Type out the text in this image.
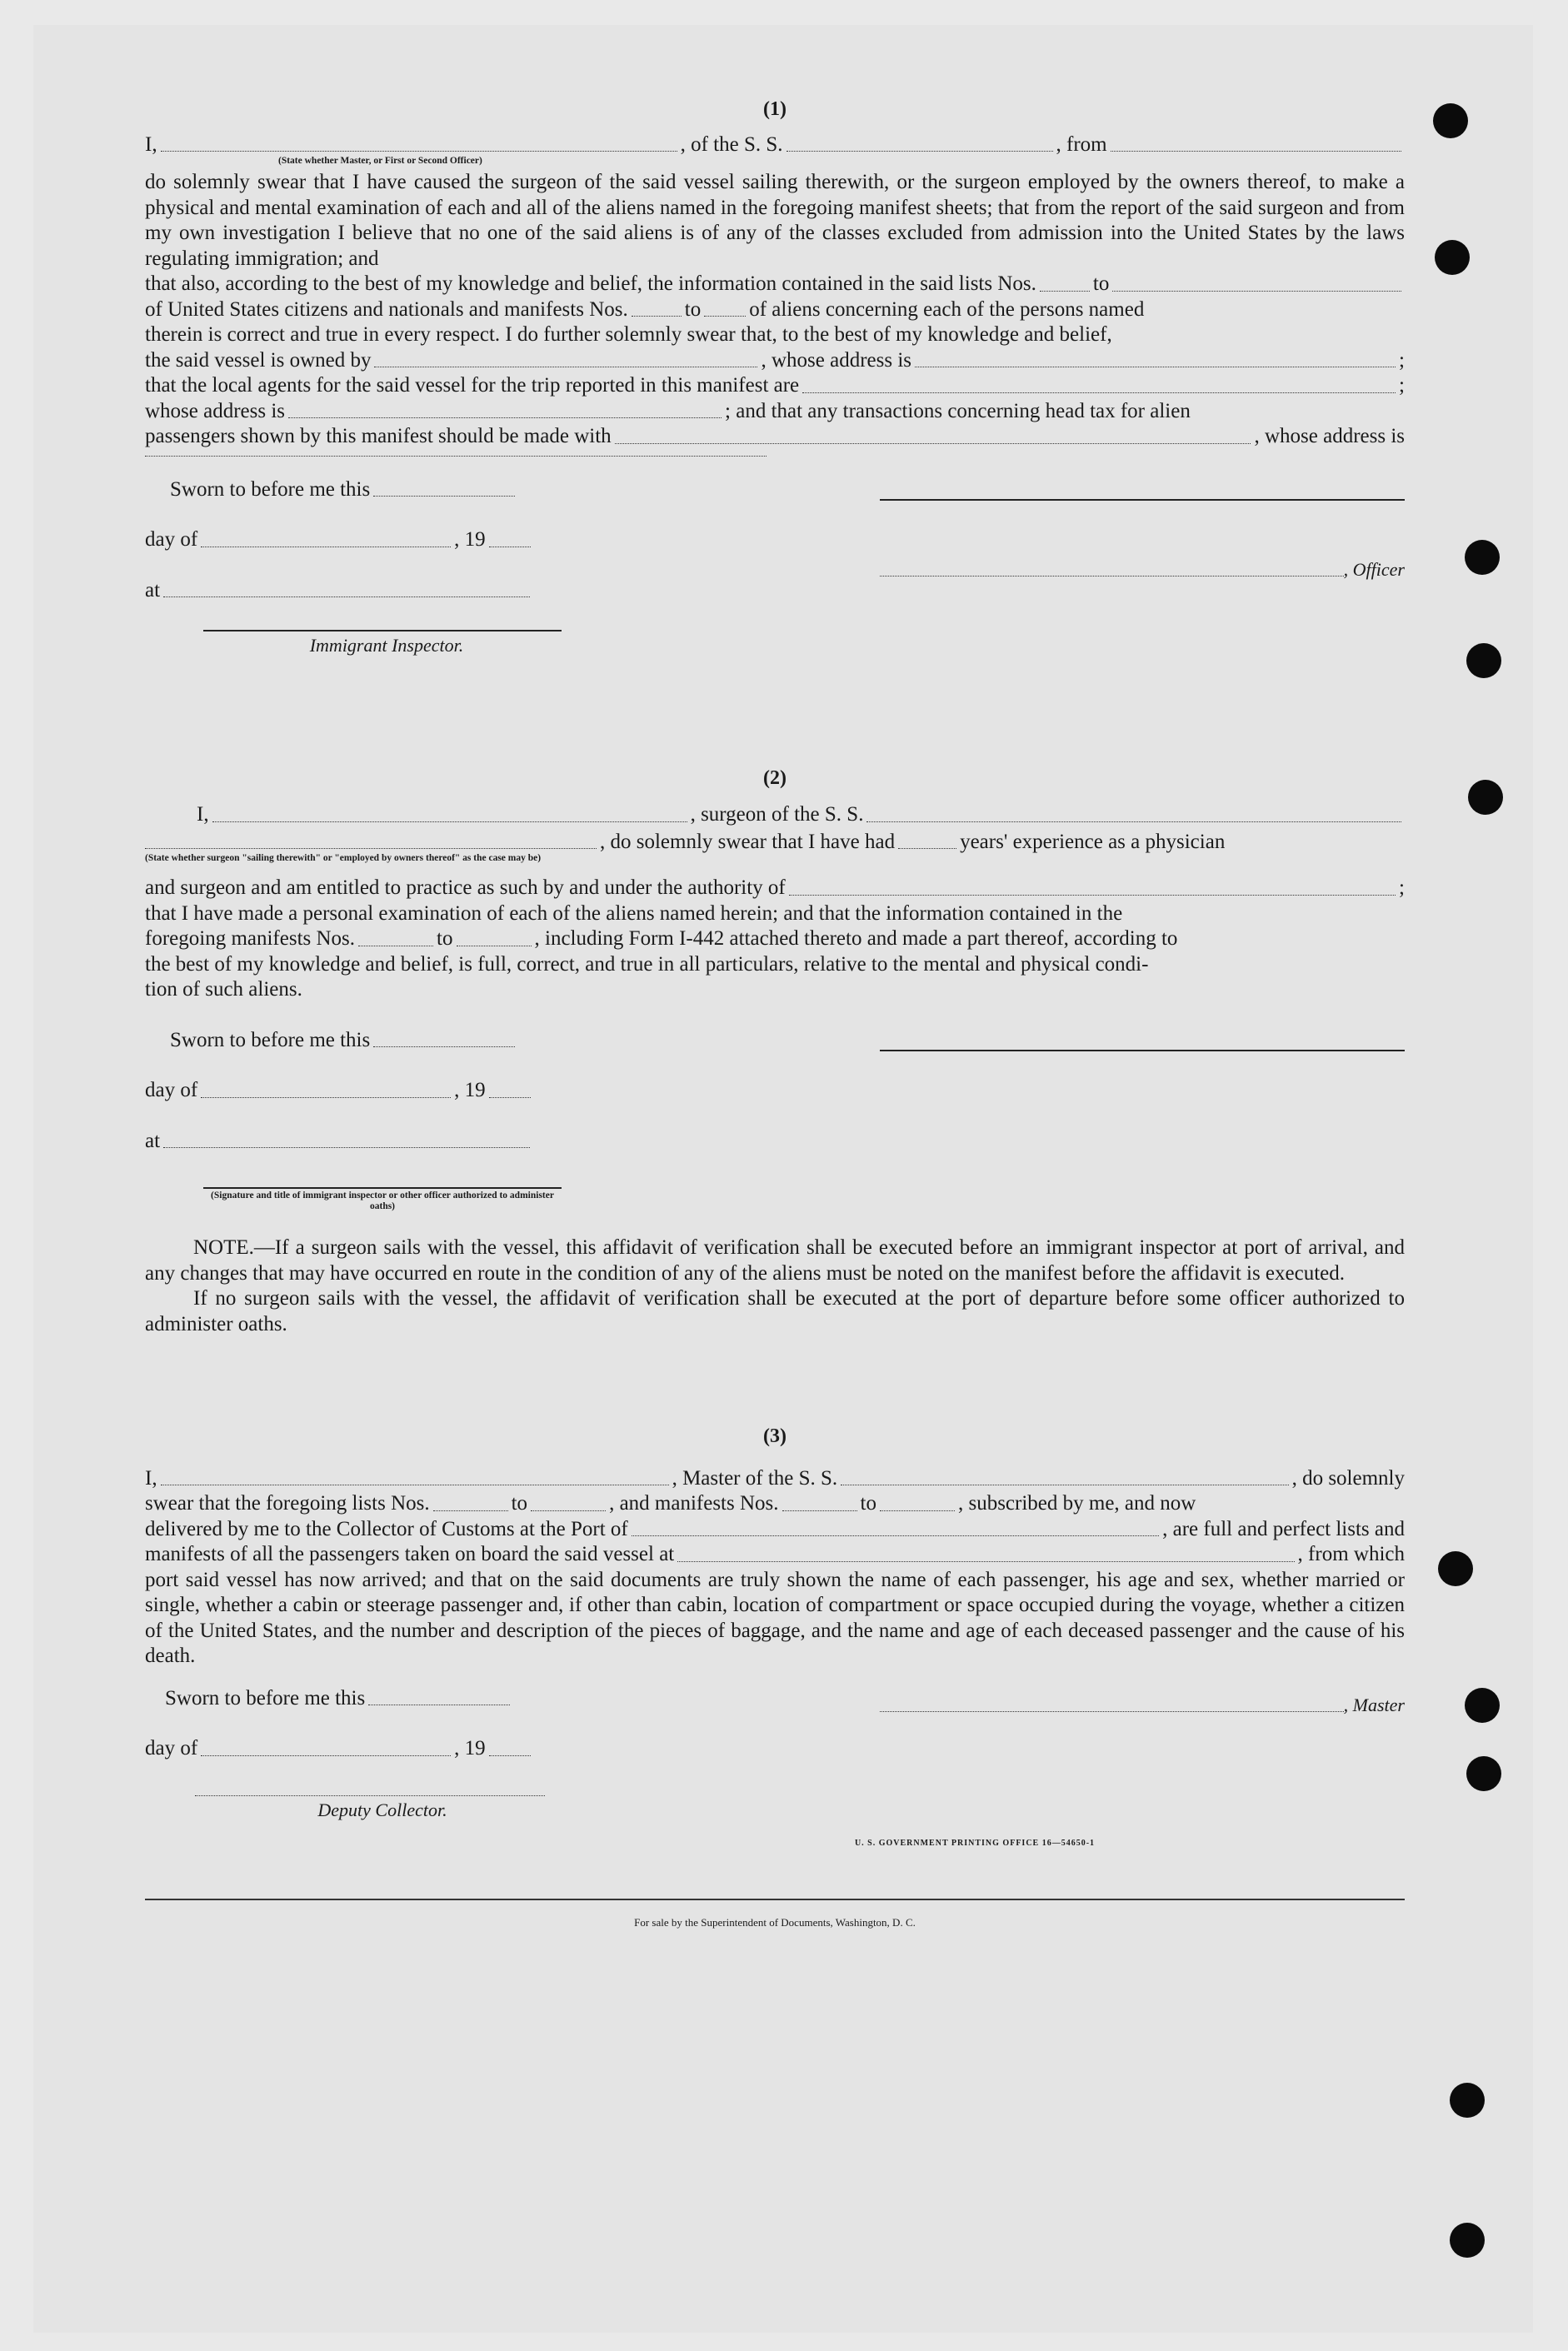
(1)
I,	, of the S. S.	, from
(State whether Master, or First or Second Officer)
do solemnly swear that I have caused the surgeon of the said vessel sailing therewith, or the surgeon employed by the owners thereof, to make a physical and mental examination of each and all of the aliens named in the foregoing manifest sheets; that from the report of the said surgeon and from my own investigation I believe that no one of the said aliens is of any of the classes excluded from admission into the United States by the laws regulating immigration; and
that also, according to the best of my knowledge and belief, the information contained in the said lists Nos.	to
of United States citizens and nationals and manifests Nos.	to of aliens concerning each of the persons named
therein is correct and true in every respect. I do further solemnly swear that, to the best of my knowledge and belief,
the said vessel is owned by	, whose address is	;
that the local agents for the said vessel for the trip reported in this manifest are	;
whose address is	; and that any transactions concerning head tax for alien
passengers shown by this manifest should be made with	, whose address is
Sworn to before me this
day of	, 19
at
Immigrant Inspector.
, Officer
(2)
I,	, surgeon of the S. S.
, do solemnly swear that I have had	years' experience as a physician
(State whether surgeon "sailing therewith" or "employed by owners thereof" as the case may be)
and surgeon and am entitled to practice as such by and under the authority of	;
that I have made a personal examination of each of the aliens named herein; and that the information contained in the
foregoing manifests Nos.	to	, including Form I-442 attached thereto and made a part thereof, according to
the best of my knowledge and belief, is full, correct, and true in all particulars, relative to the mental and physical condi-
tion of such aliens.
Sworn to before me this
day of	, 19
at
(Signature and title of immigrant inspector or other officer authorized to administer oaths)
NOTE.—If a surgeon sails with the vessel, this affidavit of verification shall be executed before an immigrant inspector at port of arrival, and any changes that may have occurred en route in the condition of any of the aliens must be noted on the manifest before the affidavit is executed.
If no surgeon sails with the vessel, the affidavit of verification shall be executed at the port of departure before some officer authorized to administer oaths.
(3)
I,	, Master of the S. S.	, do solemnly
swear that the foregoing lists Nos.	to	, and manifests Nos.	to	, subscribed by me, and now
delivered by me to the Collector of Customs at the Port of	, are full and perfect lists and
manifests of all the passengers taken on board the said vessel at	, from which
port said vessel has now arrived; and that on the said documents are truly shown the name of each passenger, his age and sex, whether married or single, whether a cabin or steerage passenger and, if other than cabin, location of compartment or space occupied during the voyage, whether a citizen of the United States, and the number and description of the pieces of baggage, and the name and age of each deceased passenger and the cause of his death.
Sworn to before me this
day of	, 19
Deputy Collector.
, Master
U. S. GOVERNMENT PRINTING OFFICE 16—54650-1
For sale by the Superintendent of Documents, Washington, D. C.
